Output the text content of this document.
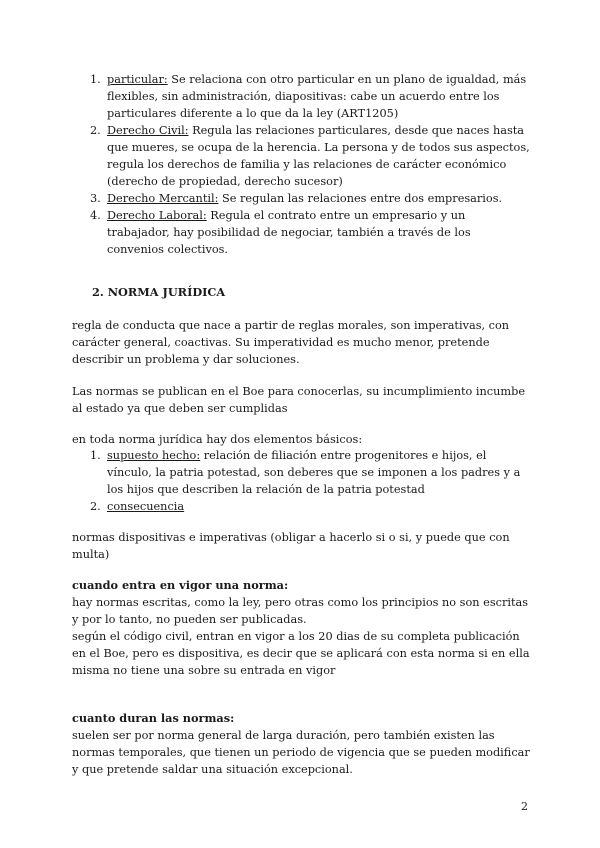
1. particular: Se relaciona con otro particular en un plano de igualdad, más flexibles, sin administración, diapositivas: cabe un acuerdo entre los particulares diferente a lo que da la ley (ART1205)
2. Derecho Civil: Regula las relaciones particulares, desde que naces hasta que mueres, se ocupa de la herencia. La persona y de todos sus aspectos, regula los derechos de familia y las relaciones de carácter económico (derecho de propiedad, derecho sucesor)
3. Derecho Mercantil: Se regulan las relaciones entre dos empresarios.
4. Derecho Laboral: Regula el contrato entre un empresario y un trabajador, hay posibilidad de negociar, también a través de los convenios colectivos.
2. NORMA JURÍDICA
regla de conducta que nace a partir de reglas morales, son imperativas, con carácter general, coactivas. Su imperatividad es mucho menor, pretende describir un problema y dar soluciones.
Las normas se publican en el Boe para conocerlas, su incumplimiento incumbe al estado ya que deben ser cumplidas
en toda norma jurídica hay dos elementos básicos:
1. supuesto hecho: relación de filiación entre progenitores e hijos, el vínculo, la patria potestad, son deberes que se imponen a los padres y a los hijos que describen la relación de la patria potestad
2. consecuencia
normas dispositivas e imperativas (obligar a hacerlo si o si, y puede que con multa)
cuando entra en vigor una norma:
hay normas escritas, como la ley, pero otras como los principios no son escritas y por lo tanto, no pueden ser publicadas.
según el código civil, entran en vigor a los 20 dias de su completa publicación en el Boe, pero es dispositiva, es decir que se aplicará con esta norma si en ella misma no tiene una sobre su entrada en vigor
cuanto duran las normas:
suelen ser por norma general de larga duración, pero también existen las normas temporales, que tienen un periodo de vigencia que se pueden modificar y que pretende saldar una situación excepcional.
2
